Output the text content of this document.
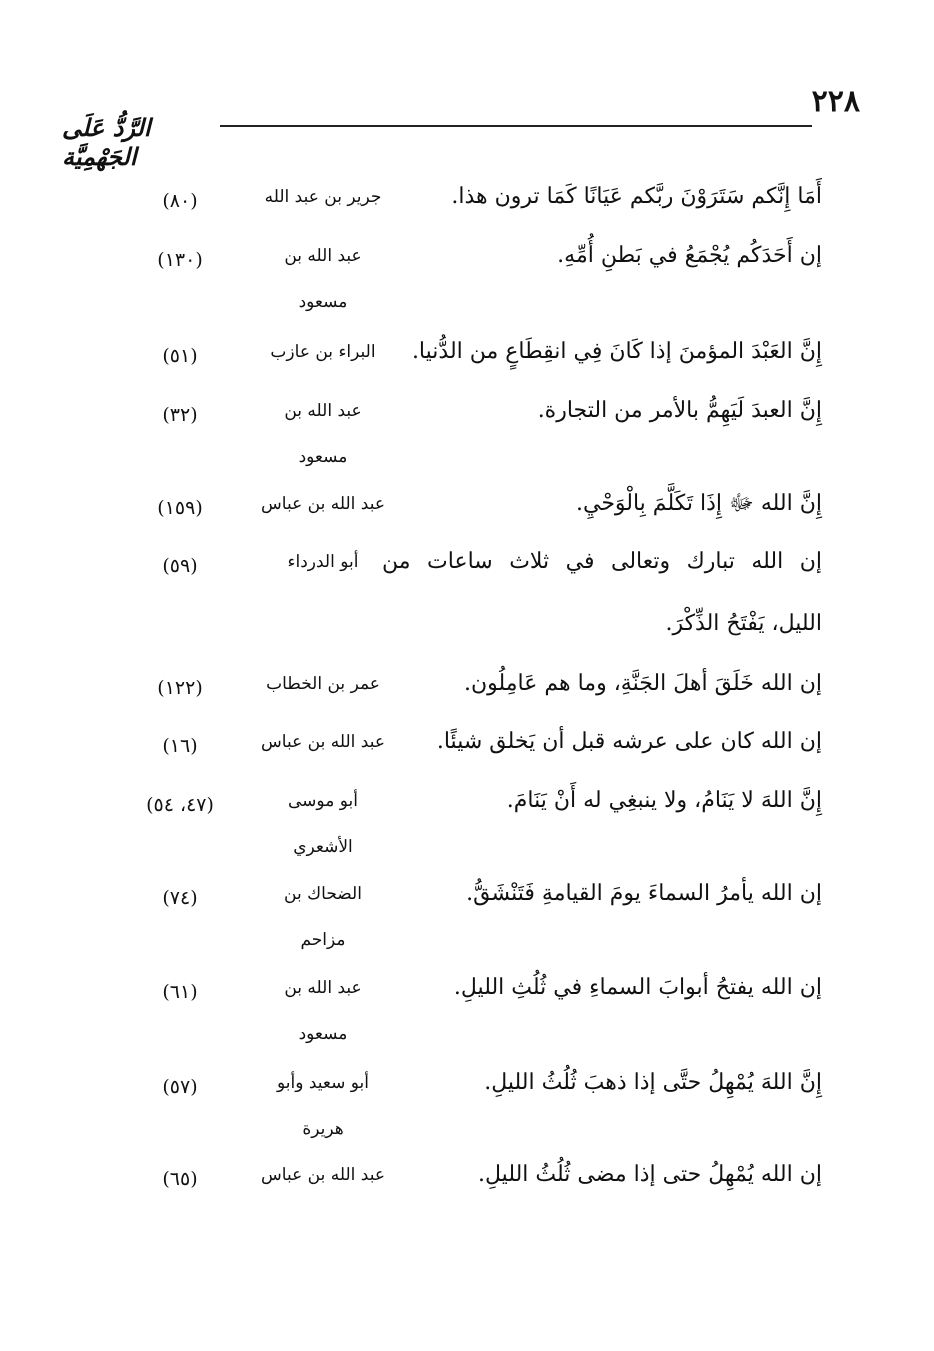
٢٢٨
الرَّدُّ عَلَى الجَهْمِيَّة
أَمَا إِنَّكم سَتَرَوْنَ ربَّكم عَيَانًا كَمَا ترون هذا.
جرير بن عبد الله
(٨٠)
إن أَحَدَكُم يُجْمَعُ في بَطنِ أُمِّهِ.
عبد الله بن
مسعود
(١٣٠)
إِنَّ العَبْدَ المؤمنَ إذا كَانَ فِي انقِطَاعٍ من الدُّنيا.
البراء بن عازب
(٥١)
إِنَّ العبدَ لَيَهِمُّ بالأمر من التجارة.
عبد الله بن
مسعود
(٣٢)
إِنَّ الله ﷻ إِذَا تَكَلَّمَ بِالْوَحْيِ.
عبد الله بن عباس
(١٥٩)
إن الله تبارك وتعالى في ثلاث ساعات من
الليل، يَفْتَحُ الذِّكْرَ.
أبو الدرداء
(٥٩)
إن الله خَلَقَ أهلَ الجَنَّةِ، وما هم عَامِلُون.
عمر بن الخطاب
(١٢٢)
إن الله كان على عرشه قبل أن يَخلق شيئًا.
عبد الله بن عباس
(١٦)
إِنَّ اللهَ لا يَنَامُ، ولا ينبغِي له أَنْ يَنَامَ.
أبو موسى
الأشعري
(٤٧، ٥٤)
إن الله يأمرُ السماءَ يومَ القيامةِ فَتَنْشَقُّ.
الضحاك بن
مزاحم
(٧٤)
إن الله يفتحُ أبوابَ السماءِ في ثُلُثِ الليلِ.
عبد الله بن
مسعود
(٦١)
إِنَّ اللهَ يُمْهِلُ حتَّى إذا ذهبَ ثُلُثُ الليلِ.
أبو سعيد وأبو
هريرة
(٥٧)
إن الله يُمْهِلُ حتى إذا مضى ثُلُثُ الليلِ.
عبد الله بن عباس
(٦٥)
